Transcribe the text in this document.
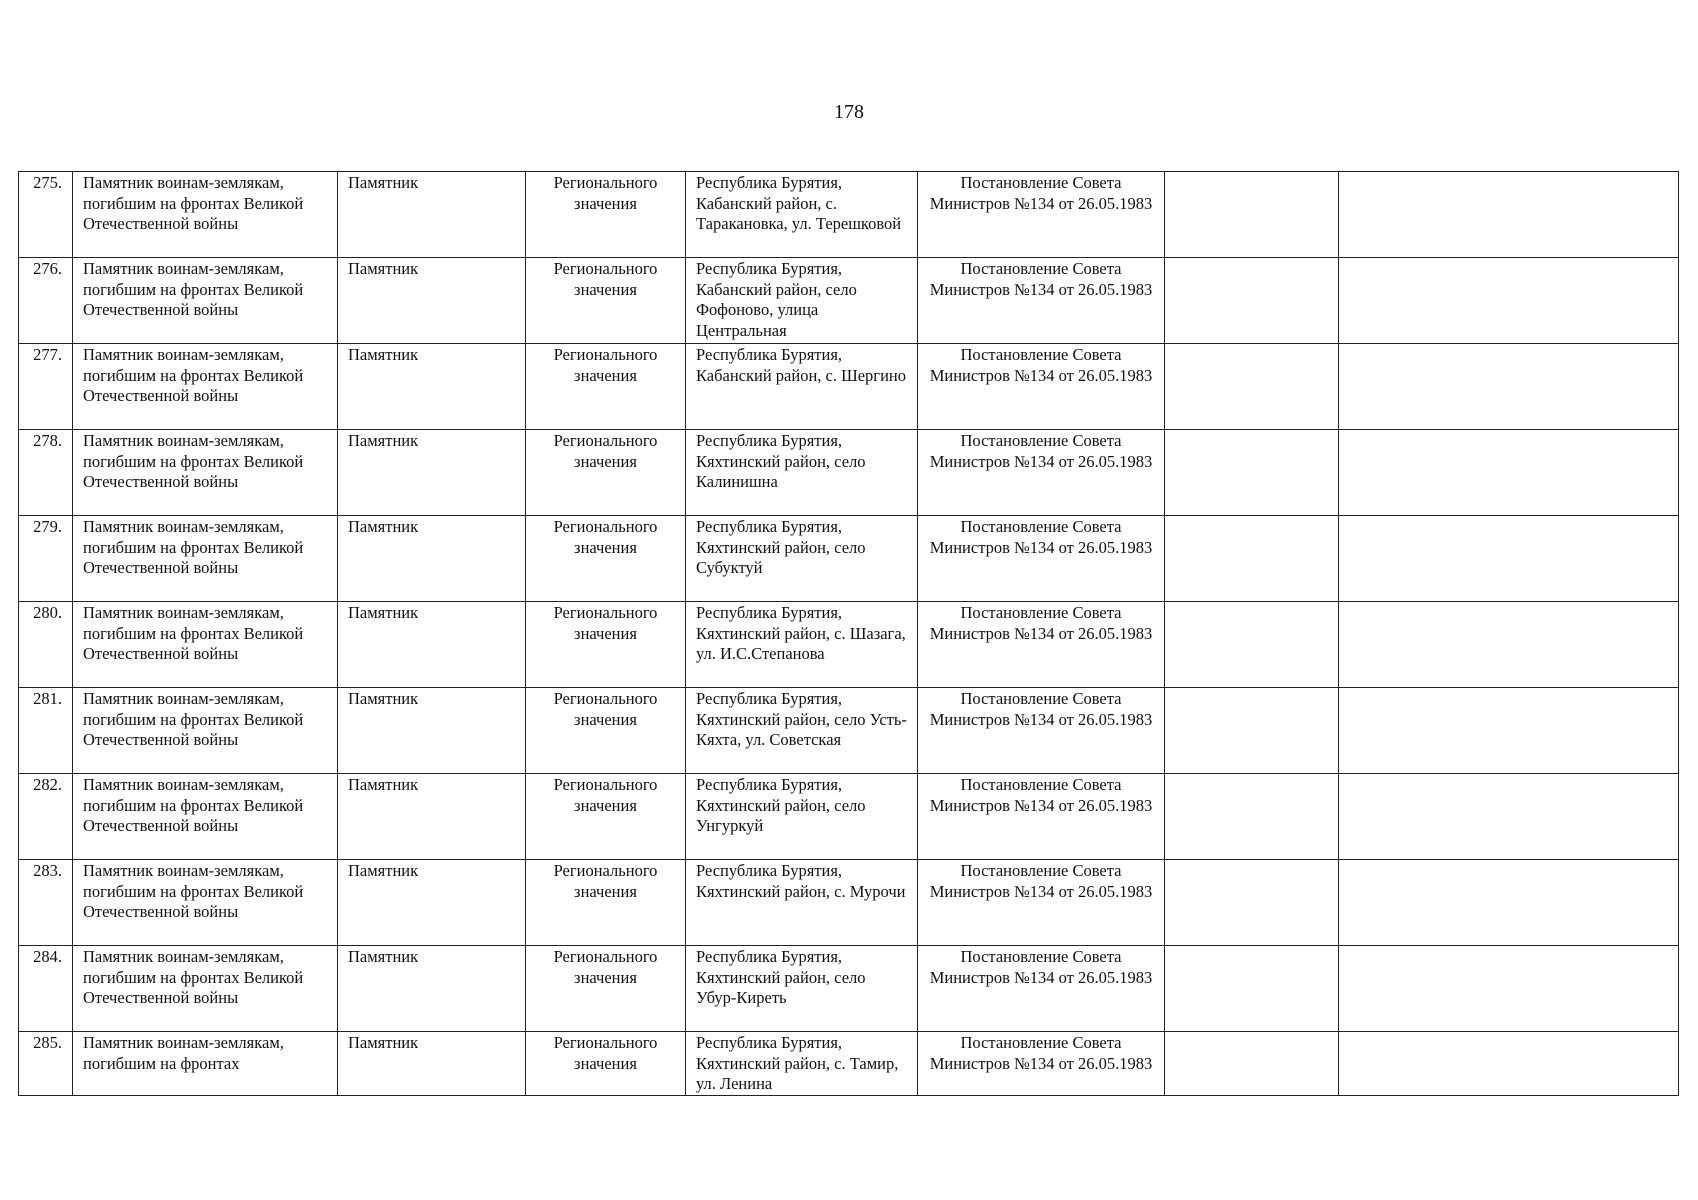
178
275.	Памятник воинам-землякам, погибшим на фронтах Великой Отечественной войны	Памятник	Регионального значения	Республика Бурятия, Кабанский район, с. Таракановка, ул. Терешковой	Постановление Совета Министров №134 от 26.05.1983		
276.	Памятник воинам-землякам, погибшим на фронтах Великой Отечественной войны	Памятник	Регионального значения	Республика Бурятия, Кабанский район, село Фофоново, улица Центральная	Постановление Совета Министров №134 от 26.05.1983		
277.	Памятник воинам-землякам, погибшим на фронтах Великой Отечественной войны	Памятник	Регионального значения	Республика Бурятия, Кабанский район, с. Шергино	Постановление Совета Министров №134 от 26.05.1983		
278.	Памятник воинам-землякам, погибшим на фронтах Великой Отечественной войны	Памятник	Регионального значения	Республика Бурятия, Кяхтинский район, село Калинишна	Постановление Совета Министров №134 от 26.05.1983		
279.	Памятник воинам-землякам, погибшим на фронтах Великой Отечественной войны	Памятник	Регионального значения	Республика Бурятия, Кяхтинский район, село Субуктуй	Постановление Совета Министров №134 от 26.05.1983		
280.	Памятник воинам-землякам, погибшим на фронтах Великой Отечественной войны	Памятник	Регионального значения	Республика Бурятия, Кяхтинский район, с. Шазага, ул. И.С.Степанова	Постановление Совета Министров №134 от 26.05.1983		
281.	Памятник воинам-землякам, погибшим на фронтах Великой Отечественной войны	Памятник	Регионального значения	Республика Бурятия, Кяхтинский район, село Усть-Кяхта, ул. Советская	Постановление Совета Министров №134 от 26.05.1983		
282.	Памятник воинам-землякам, погибшим на фронтах Великой Отечественной войны	Памятник	Регионального значения	Республика Бурятия, Кяхтинский район, село Унгуркуй	Постановление Совета Министров №134 от 26.05.1983		
283.	Памятник воинам-землякам, погибшим на фронтах Великой Отечественной войны	Памятник	Регионального значения	Республика Бурятия, Кяхтинский район, с. Мурочи	Постановление Совета Министров №134 от 26.05.1983		
284.	Памятник воинам-землякам, погибшим на фронтах Великой Отечественной войны	Памятник	Регионального значения	Республика Бурятия, Кяхтинский район, село Убур-Киреть	Постановление Совета Министров №134 от 26.05.1983		
285.	Памятник воинам-землякам, погибшим на фронтах	Памятник	Регионального значения	Республика Бурятия, Кяхтинский район, с. Тамир, ул. Ленина	Постановление Совета Министров №134 от 26.05.1983		
